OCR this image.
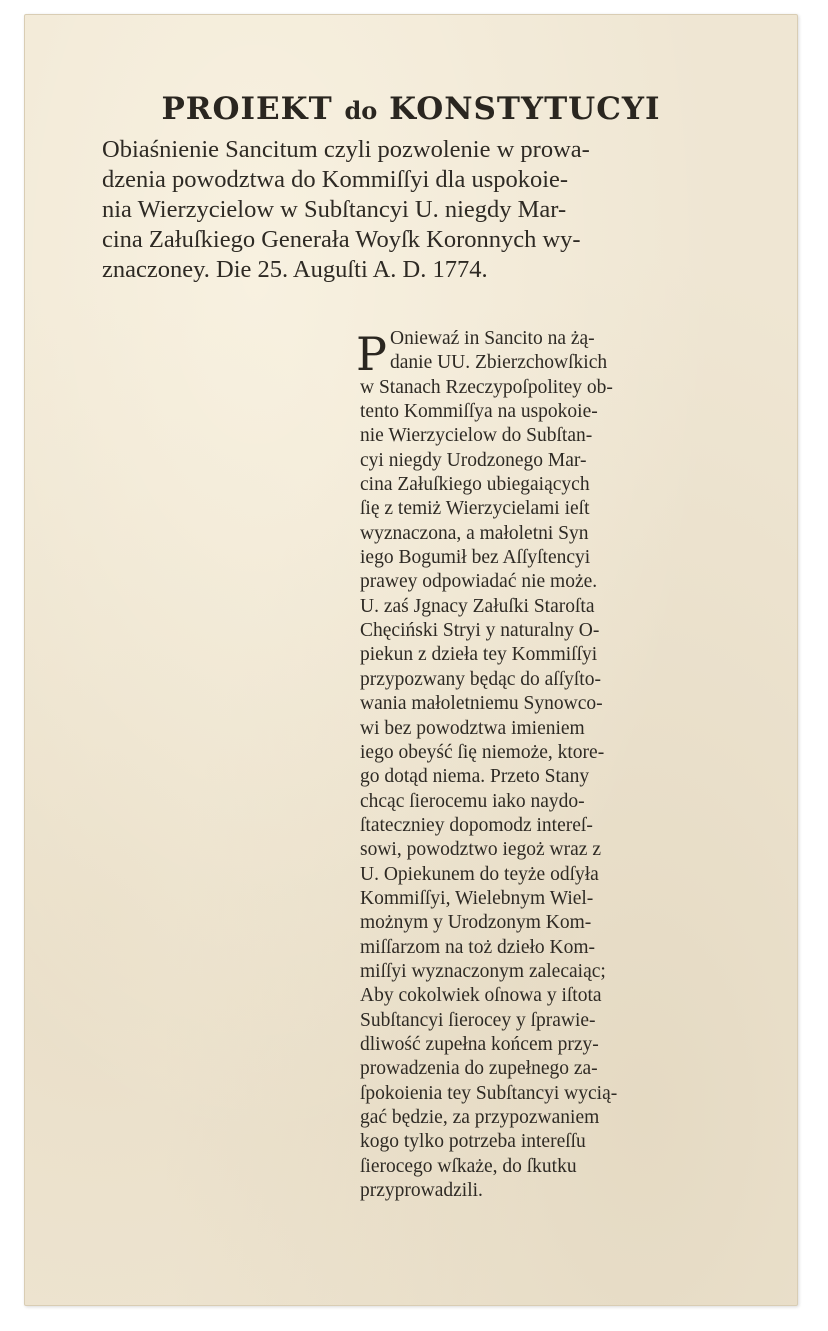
PROIEKT do KONSTYTUCYI
Obiaśnienie Sancitum czyli pozwolenie w prowa-
dzenia powodztwa do Kommiſſyi dla uspokoie-
nia Wierzycielow w Subſtancyi U. niegdy Mar-
cina Załuſkiego Generała Woyſk Koronnych wy-
znaczoney. Die 25. Auguſti A. D. 1774.
P Oniewaź in Sancito na żą-
danie UU. Zbierzchowſkich
w Stanach Rzeczypoſpolitey ob-
tento Kommiſſya na uspokoie-
nie Wierzycielow do Subſtan-
cyi niegdy Urodzonego Mar-
cina Załuſkiego ubiegaiących
ſię z temiż Wierzycielami ieſt
wyznaczona, a małoletni Syn
iego Bogumił bez Aſſyſtencyi
prawey odpowiadać nie może.
U. zaś Jgnacy Załuſki Staroſta
Chęciński Stryi y naturalny O-
piekun z dzieła tey Kommiſſyi
przypozwany będąc do aſſyſto-
wania małoletniemu Synowco-
wi bez powodztwa imieniem
iego obeyść ſię niemoże, ktore-
go dotąd niema. Przeto Stany
chcąc ſierocemu iako naydo-
ſtateczniey dopomodz intereſ-
sowi, powodztwo iegoż wraz z
U. Opiekunem do teyże odſyła
Kommiſſyi, Wielebnym Wiel-
możnym y Urodzonym Kom-
miſſarzom na toż dzieło Kom-
miſſyi wyznaczonym zalecaiąc;
Aby cokolwiek oſnowa y iſtota
Subſtancyi ſierocey y ſprawie-
dliwość zupełna końcem przy-
prowadzenia do zupełnego za-
ſpokoienia tey Subſtancyi wycią-
gać będzie, za przypozwaniem
kogo tylko potrzeba intereſſu
ſierocego wſkaże, do ſkutku
przyprowadzili.
